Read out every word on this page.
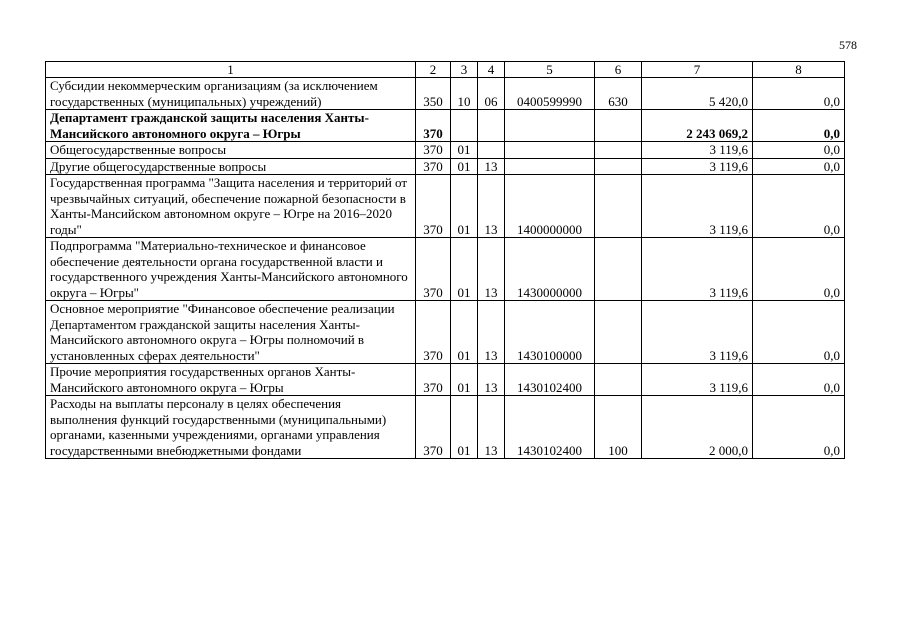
578
1	2	3	4	5	6	7	8
Субсидии некоммерческим организациям (за исключением государственных (муниципальных) учреждений)	350	10	06	0400599990	630	5 420,0	0,0
Департамент гражданской защиты населения Ханты-Мансийского автономного округа – Югры	370					2 243 069,2	0,0
Общегосударственные вопросы	370	01				3 119,6	0,0
Другие общегосударственные вопросы	370	01	13			3 119,6	0,0
Государственная программа "Защита населения и территорий от чрезвычайных ситуаций, обеспечение пожарной безопасности в Ханты-Мансийском автономном округе – Югре на 2016–2020 годы"	370	01	13	1400000000		3 119,6	0,0
Подпрограмма "Материально-техническое и финансовое обеспечение деятельности органа государственной власти и государственного учреждения Ханты-Мансийского автономного округа – Югры"	370	01	13	1430000000		3 119,6	0,0
Основное мероприятие "Финансовое обеспечение реализации Департаментом гражданской защиты населения Ханты-Мансийского автономного округа – Югры полномочий в установленных сферах деятельности"	370	01	13	1430100000		3 119,6	0,0
Прочие мероприятия государственных органов Ханты-Мансийского автономного округа – Югры	370	01	13	1430102400		3 119,6	0,0
Расходы на выплаты персоналу в целях обеспечения выполнения функций государственными (муниципальными) органами, казенными учреждениями, органами управления государственными внебюджетными фондами	370	01	13	1430102400	100	2 000,0	0,0
